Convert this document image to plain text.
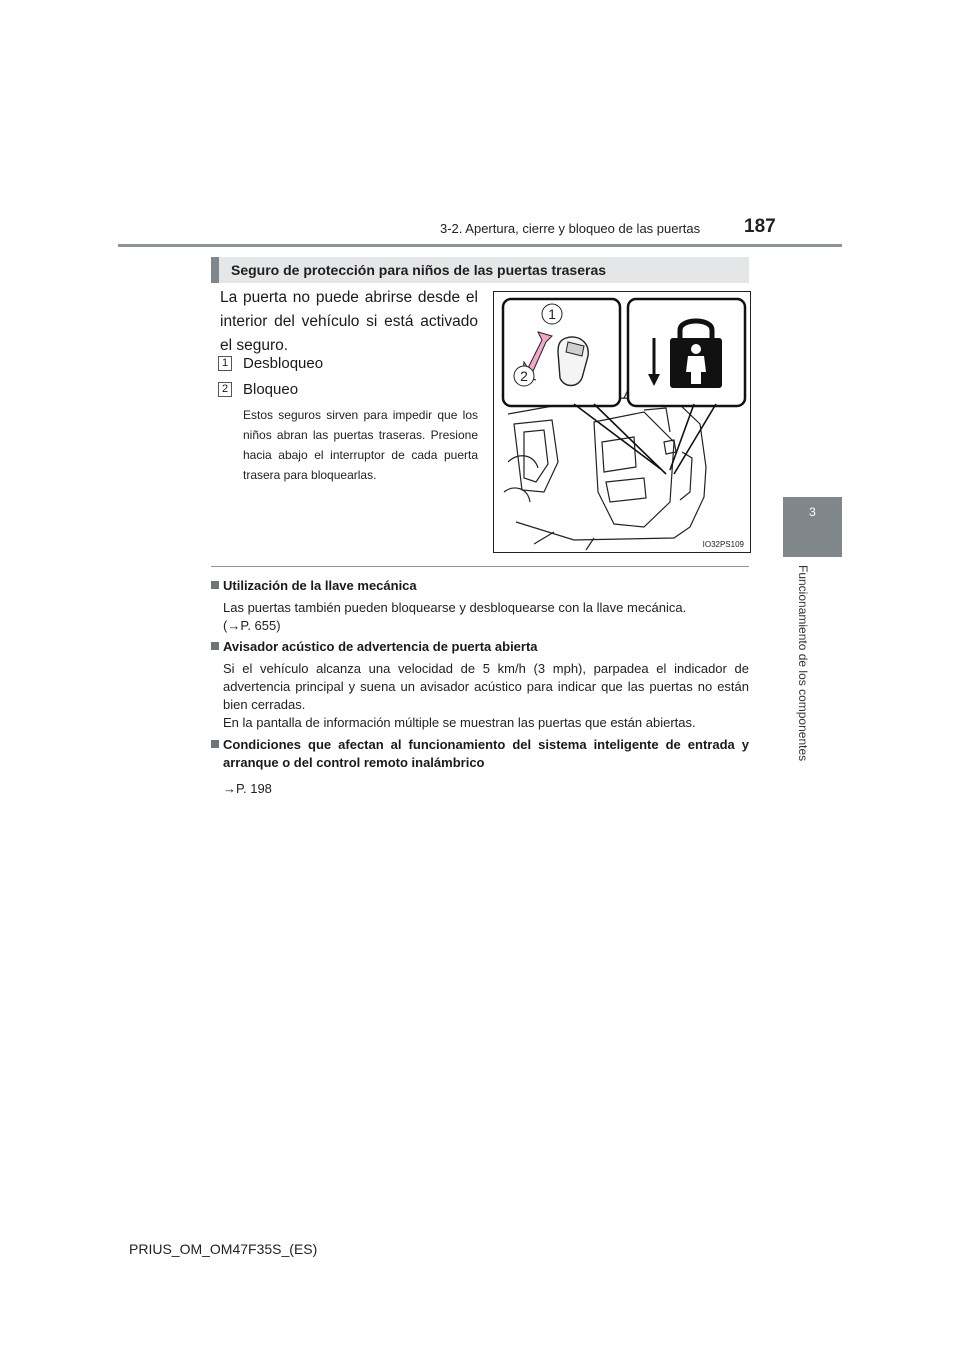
3-2. Apertura, cierre y bloqueo de las puertas 187
3
Funcionamiento de los componentes
Seguro de protección para niños de las puertas traseras
La puerta no puede abrirse desde el interior del vehículo si está activado el seguro.
1 Desbloqueo
2 Bloqueo
Estos seguros sirven para impedir que los niños abran las puertas traseras. Presione hacia abajo el interruptor de cada puerta trasera para bloquearlas.
1
2
IO32PS109
Utilización de la llave mecánica
Las puertas también pueden bloquearse y desbloquearse con la llave mecánica.
(→P. 655)
Avisador acústico de advertencia de puerta abierta
Si el vehículo alcanza una velocidad de 5 km/h (3 mph), parpadea el indicador de advertencia principal y suena un avisador acústico para indicar que las puertas no están bien cerradas.
En la pantalla de información múltiple se muestran las puertas que están abiertas.
Condiciones que afectan al funcionamiento del sistema inteligente de entrada y arranque o del control remoto inalámbrico
→P. 198
PRIUS_OM_OM47F35S_(ES)
